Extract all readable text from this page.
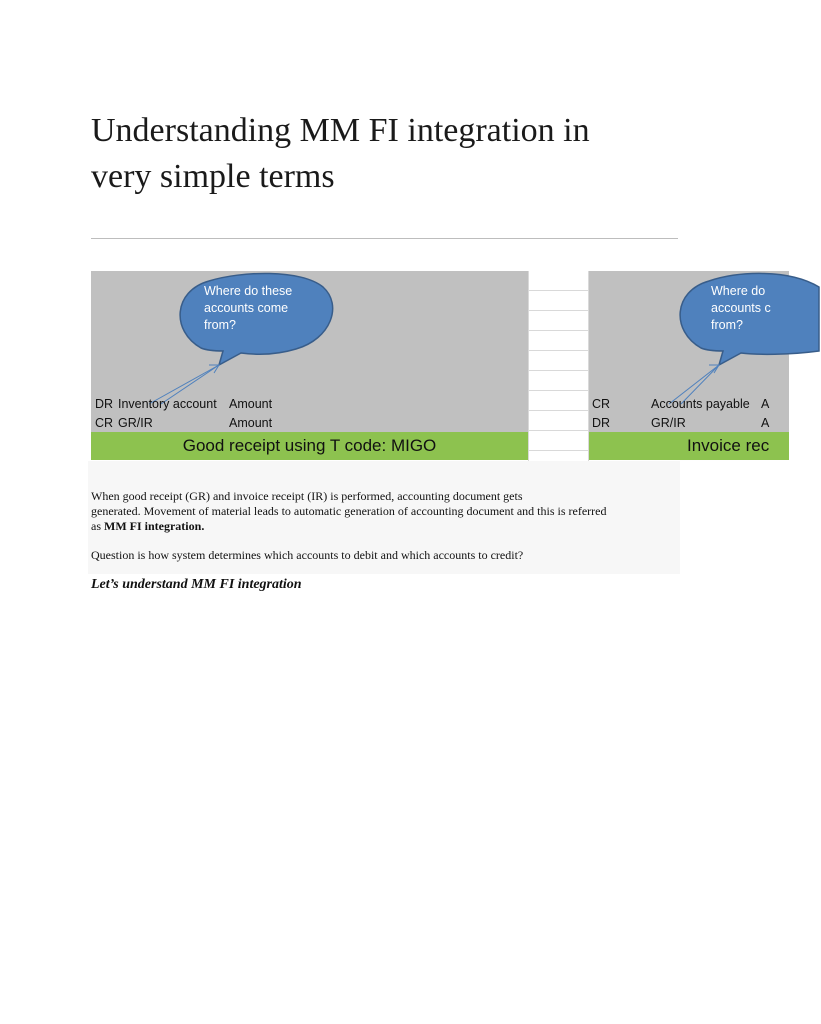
Understanding MM FI integration in
very simple terms
Where do these
accounts come
from?
DR Inventory account Amount
CR GR/IR	Amount
Good receipt using T code: MIGO
Where do
accounts c
from?
CR	Accounts payable A
DR	GR/IR	A
Invoice rec

When good receipt (GR) and invoice receipt (IR) is performed, accounting document gets
generated. Movement of material leads to automatic generation of accounting document and this is referred
as MM FI integration.

Question is how system determines which accounts to debit and which accounts to credit?

Let’s understand MM FI integration
